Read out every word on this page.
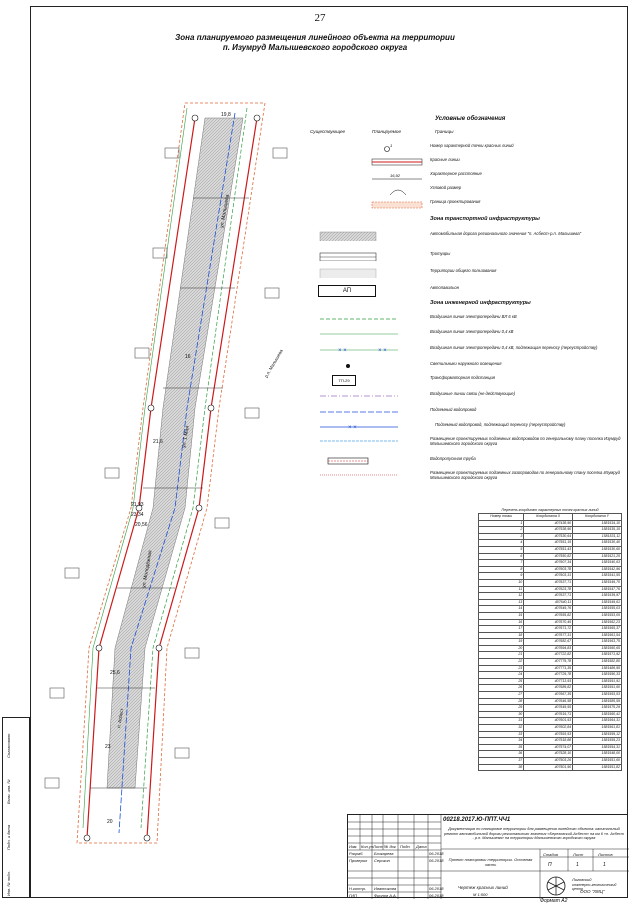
27
Зона планируемого размещения линейного объекта на территории
п. Изумруд Малышевского городского округа
ул. Малышева
ул. 1 Мая
ул. Молодёжная
п. Асбест
р.п. Малышева
19,8
16
21,6
21,93
23,34
20,56
25,6
23
20
Условные обозначения
Существующее	Планируемое	Границы
1	Номер характерной точки красных линий
Красные линии
16,92	Характерное расстояние
Угловой размер
Граница проектирования
Зона транспортной инфраструктуры
Автомобильная дорога регионального значения "п. Асбест-р.п. Малышева"
Тротуары
Территории общего пользования
АП
Автопавильон
Зона инженерной инфраструктуры
Воздушная линия электропередачи ВЛ 6 кВ
Воздушная линия электропередачи 0,4 кВ
× ×	× ×
Воздушная линия электропередачи 0,4 кВ, подлежащая переносу (переустройству)
Светильники наружного освещения
ТП-29
Трансформаторная подстанция
Воздушные линии связи (не действующие)
Подземный водопровод
× ×
Подземный водопровод, подлежащий переносу (переустройству)
Размещение проектируемых подземных водопроводов по генеральному плану поселка Изумруд Малышевского городского округа
Водопропускная труба
Размещение проектируемых подземных газопроводов по генеральному плану поселка Изумруд Малышевского городского округа
Перечень координат характерных точек красных линий
Номер точки	Координата X	Координата Y
1	407438,90	1581534,10
2	407538,90	1581535,15
3	407530,64	1581531,11
4	407551,15	1581530,40
5	407551,43	1581530,60
6	407550,82	1581521,25
7	407607,34	1581540,63
8	407603,78	1581542,96
9	407603,31	1581541,55
10	407637,71	1581549,70
11	407623,78	1581547,76
12	407637,71	1581539,97
13	407640,11	1581549,61
14	407649,76	1581555,03
15	407655,82	1581553,05
16	407670,45	1581562,23
17	407671,72	1581565,37
18	407677,31	1581561,54
19	407682,67	1581563,75
20	407694,83	1581560,65
21	407722,82	1581571,92
22	407779,78	1581582,80
23	407771,35	1581486,95
24	407729,78	1581590,33
25	407713,93	1581591,91
26	407689,82	1581591,60
27	407667,35	1581593,53
28	407646,58	1581585,59
29	407649,55	1581575,29
30	407619,71	1581560,41
31	407601,53	1581564,31
32	407602,84	1581561,81
33	407593,53	1581559,12
34	407518,88	1581559,23
35	407574,07	1581554,31
36	407528,10	1581548,00
37	407503,26	1581551,60
38	407501,90	1581551,82
Инв. № подл.
Подп. и дата
Взам. инв. №
Согласовано
00218.2017.Ю-ППТ.ЧЧ1
Документация по планировке территории для размещения линейного объекта: капитальный ремонт автомобильной дороги регионального значения «Березовский-Асбест» на км 6 «п. Асбест - р.п. Малышева» на территории Малышевского городского округа
Проект планировки территории. Основная часть
Стадия	Лист	Листов
П	1	1
Чертеж красных линий
М 1:500
Лиговский
инженерно-геологический центр
ООО "ЛИЦ"
Изм. Кол.уч Лист № док Подп. Дата
Разраб.	Бочкарева	06.2018
Проверил Серокин	06.2018
Н.контр. Иванникова	06.2018
ГИП	Фролов А.А.	06.2018
Формат А2
